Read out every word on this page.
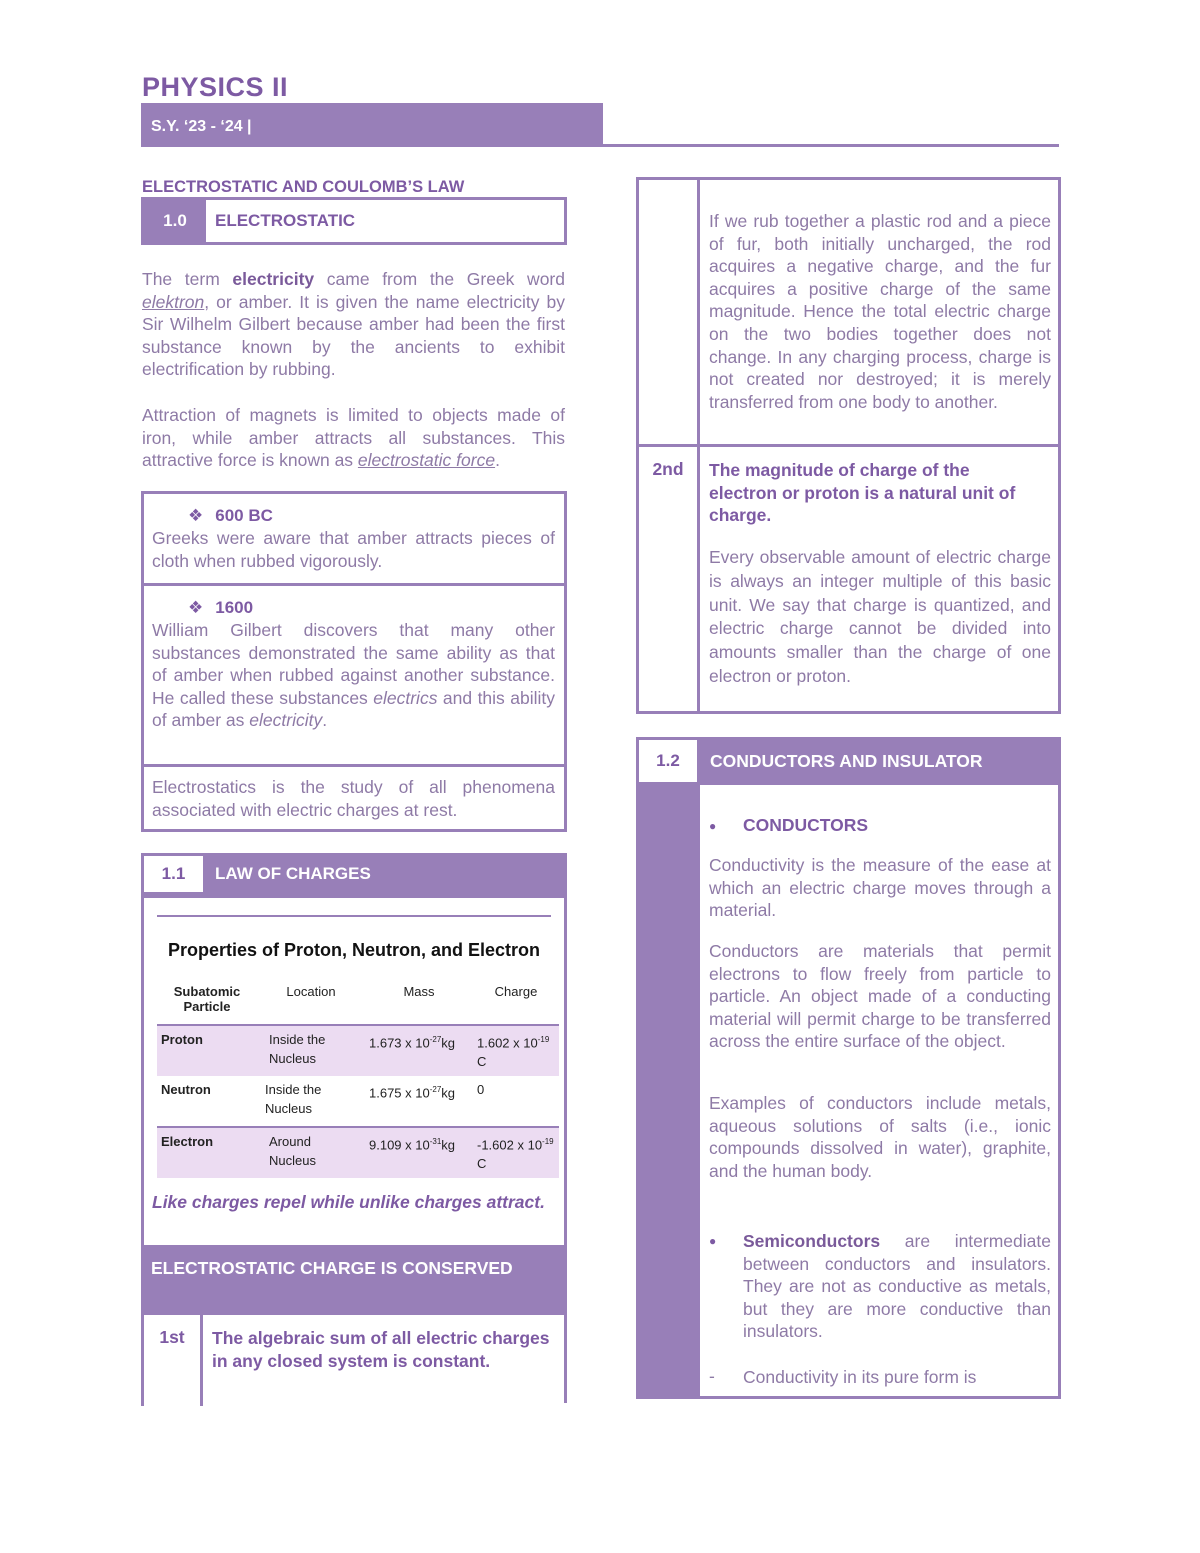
PHYSICS II
S.Y. ‘23 - ‘24 |
ELECTROSTATIC AND COULOMB’S LAW
1.0	ELECTROSTATIC
The term electricity came from the Greek word elektron, or amber. It is given the name electricity by Sir Wilhelm Gilbert because amber had been the first substance known by the ancients to exhibit electrification by rubbing.
Attraction of magnets is limited to objects made of iron, while amber attracts all substances. This attractive force is known as electrostatic force.
❖ 600 BC
Greeks were aware that amber attracts pieces of cloth when rubbed vigorously.
❖ 1600
William Gilbert discovers that many other substances demonstrated the same ability as that of amber when rubbed against another substance. He called these substances electrics and this ability of amber as electricity.
Electrostatics is the study of all phenomena associated with electric charges at rest.
1.1	LAW OF CHARGES
Properties of Proton, Neutron, and Electron
Subatomic Particle	Location	Mass	Charge
Proton	Inside the Nucleus	1.673 x $10^{-27}kg$	1.602 x $10^{-19}$ C
Neutron	Inside the Nucleus	1.675 x $10^{-27}kg$	0
Electron	Around Nucleus	9.109 x $10^{-31}kg$	-1.602 x $10^{-19}$ C
Like charges repel while unlike charges attract.
ELECTROSTATIC CHARGE IS CONSERVED
1st	The algebraic sum of all electric charges in any closed system is constant.
If we rub together a plastic rod and a piece of fur, both initially uncharged, the rod acquires a negative charge, and the fur acquires a positive charge of the same magnitude. Hence the total electric charge on the two bodies together does not change. In any charging process, charge is not created nor destroyed; it is merely transferred from one body to another.
2nd	The magnitude of charge of the electron or proton is a natural unit of charge.
Every observable amount of electric charge is always an integer multiple of this basic unit. We say that charge is quantized, and electric charge cannot be divided into amounts smaller than the charge of one electron or proton.
1.2	CONDUCTORS AND INSULATOR
● CONDUCTORS
Conductivity is the measure of the ease at which an electric charge moves through a material.
Conductors are materials that permit electrons to flow freely from particle to particle. An object made of a conducting material will permit charge to be transferred across the entire surface of the object.
Examples of conductors include metals, aqueous solutions of salts (i.e., ionic compounds dissolved in water), graphite, and the human body.
● Semiconductors are intermediate between conductors and insulators. They are not as conductive as metals, but they are more conductive than insulators.
- Conductivity in its pure form is
